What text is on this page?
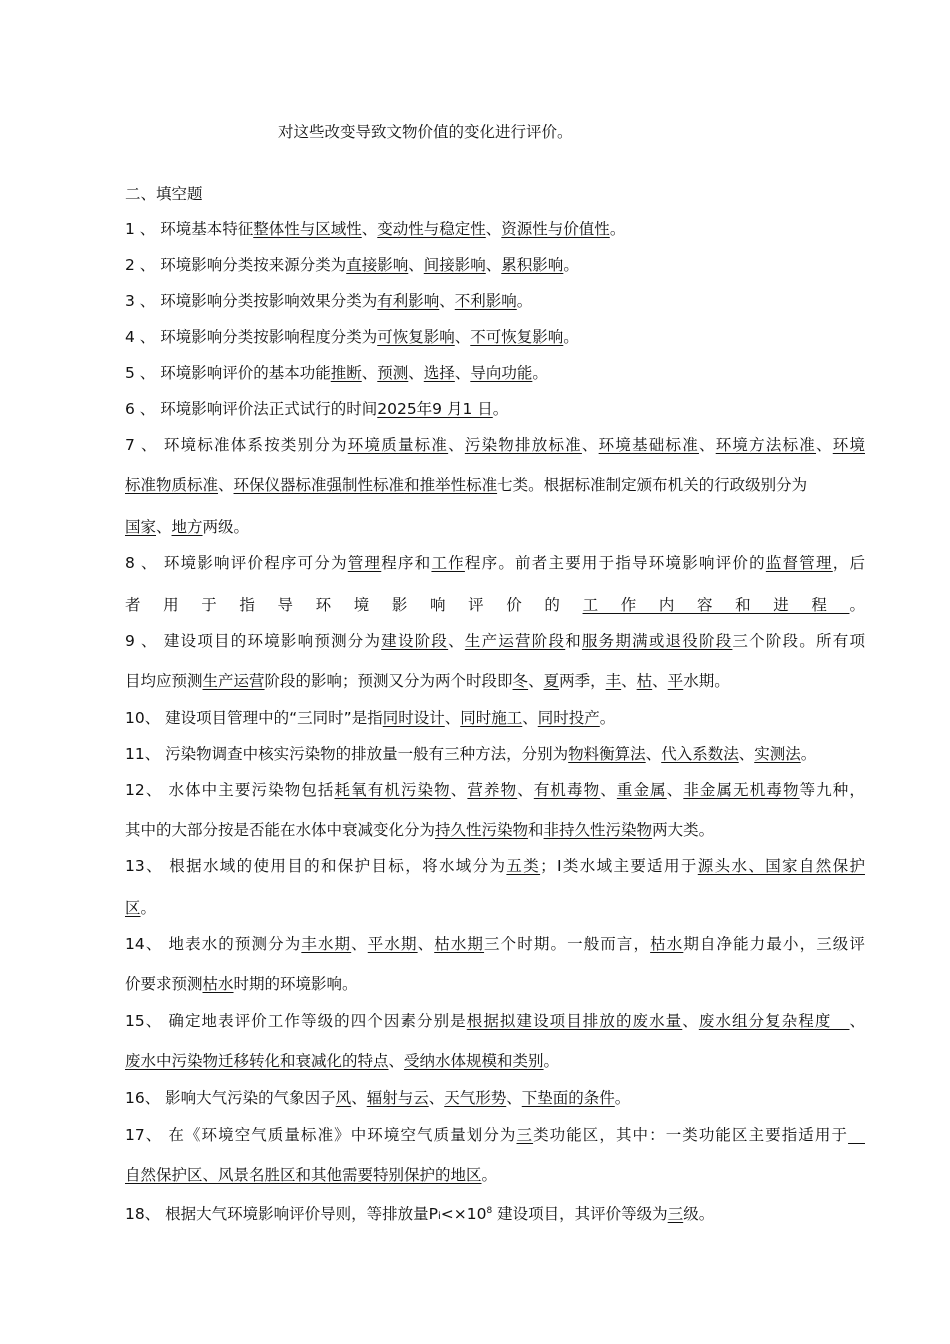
对这些改变导致文物价值的变化进行评价。
二、填空题
1 、 环境基本特征整体性与区域性、变动性与稳定性、资源性与价值性。
2 、 环境影响分类按来源分类为直接影响、间接影响、累积影响。
3 、 环境影响分类按影响效果分类为有利影响、不利影响。
4 、 环境影响分类按影响程度分类为可恢复影响、不可恢复影响。
5 、 环境影响评价的基本功能推断、预测、选择、导向功能。
6 、 环境影响评价法正式试行的时间2025年9 月1 日。
7 、 环境标准体系按类别分为环境质量标准、污染物排放标准、环境基础标准、环境方法标准、环境
标准物质标准、环保仪器标准强制性标准和推举性标准七类。根据标准制定颁布机关的行政级别分为
国家、地方两级。
8 、 环境影响评价程序可分为管理程序和工作程序。前者主要用于指导环境影响评价的监督管理，后
者用于指导环境影响评价的工作内容和进程。
9 、 建设项目的环境影响预测分为建设阶段、生产运营阶段和服务期满或退役阶段三个阶段。所有项
目均应预测生产运营阶段的影响；预测又分为两个时段即冬、夏两季，丰、枯、平水期。
10、 建设项目管理中的“三同时”是指同时设计、同时施工、同时投产。
11、 污染物调查中核实污染物的排放量一般有三种方法，分别为物料衡算法、代入系数法、实测法。
12、 水体中主要污染物包括耗氧有机污染物、营养物、有机毒物、重金属、非金属无机毒物等九种，
其中的大部分按是否能在水体中衰减变化分为持久性污染物和非持久性污染物两大类。
13、 根据水域的使用目的和保护目标，将水域分为五类；Ⅰ类水域主要适用于源头水、国家自然保护
区。
14、 地表水的预测分为丰水期、平水期、枯水期三个时期。一般而言，枯水期自净能力最小，三级评
价要求预测枯水时期的环境影响。
15、 确定地表评价工作等级的四个因素分别是根据拟建设项目排放的废水量、废水组分复杂程度   、
废水中污染物迁移转化和衰减化的特点、受纳水体规模和类别。
16、 影响大气污染的气象因子风、辐射与云、天气形势、下垫面的条件。
17、 在《环境空气质量标准》中环境空气质量划分为三类功能区，其中：一类功能区主要指适用于
自然保护区、风景名胜区和其他需要特别保护的地区。
18、 根据大气环境影响评价导则，等排放量$Pi<\times 10^8$ 建设项目，其评价等级为三级。
